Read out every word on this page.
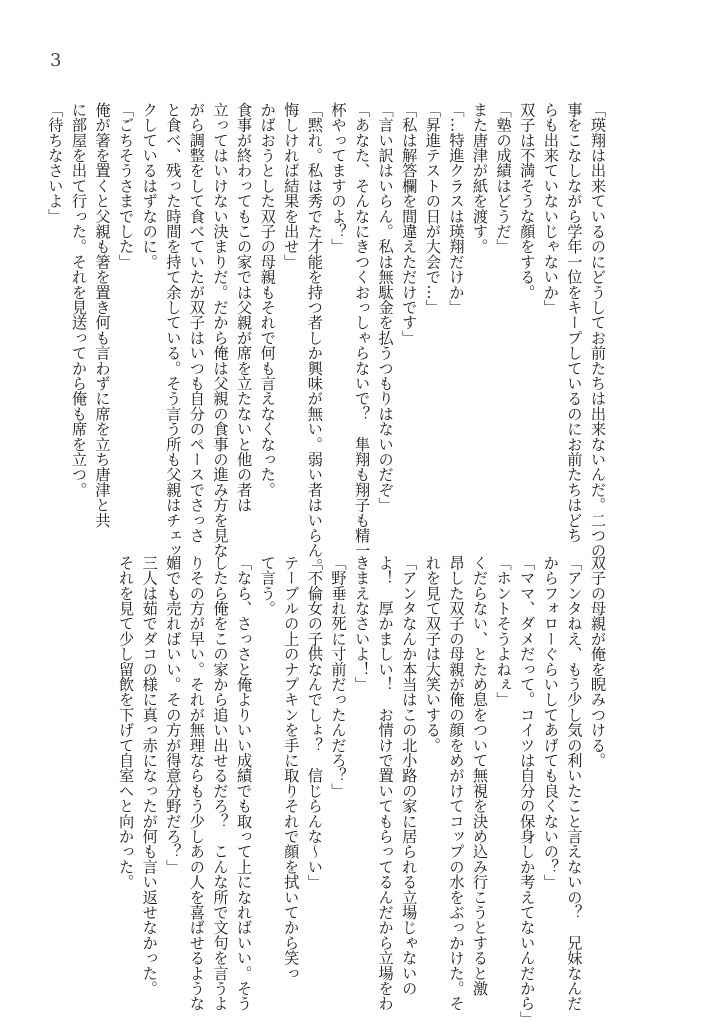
3
「瑛翔は出来ているのにどうしてお前たちは出来ないんだ。二つの
事をこなしながら学年一位をキープしているのにお前たちはどち
らも出来ていないじゃないか」
双子は不満そうな顔をする。
「塾の成績はどうだ」
また唐津が紙を渡す。
「…特進クラスは瑛翔だけか」
「昇進テストの日が大会で…」
「私は解答欄を間違えただけです」
「言い訳はいらん。私は無駄金を払うつもりはないのだぞ」
「あなた、そんなにきつくおっしゃらないで？　隼翔も翔子も精一
杯やってますのよ？」
「黙れ。私は秀でた才能を持つ者しか興味が無い。弱い者はいらん。
悔しければ結果を出せ」
かばおうとした双子の母親もそれで何も言えなくなった。
食事が終わってもこの家では父親が席を立たないと他の者は
立ってはいけない決まりだ。だから俺は父親の食事の進み方を見な
がら調整をして食べていたが双子はいつも自分のペースでさっさ
と食べ、残った時間を持て余している。そう言う所も父親はチェッ
クしているはずなのに。
「ごちそうさまでした」
俺が箸を置くと父親も箸を置き何も言わずに席を立ち唐津と共
に部屋を出て行った。それを見送ってから俺も席を立つ。
「待ちなさいよ」
双子の母親が俺を睨みつける。
「アンタねえ、もう少し気の利いたこと言えないの？　兄妹なんだ
からフォローぐらいしてあげても良くないの？」
「ママ、ダメだって。コイツは自分の保身しか考えてないんだから」
「ホントそうよねぇ」
くだらない、とため息をついて無視を決め込み行こうとすると激
昂した双子の母親が俺の顔をめがけてコップの水をぶっかけた。そ
れを見て双子は大笑いする。
「アンタなんか本当はこの北小路の家に居られる立場じゃないの
よ！　厚かましい！　お情けで置いてもらってるんだから立場をわ
きまえなさいよ！」
「野垂れ死に寸前だったんだろ？」
「不倫女の子供なんでしょ？　信じらんな〜い」
テーブルの上のナプキンを手に取りそれで顔を拭いてから笑っ
て言う。
「なら、さっさと俺よりいい成績でも取って上になればいい。そう
したら俺をこの家から追い出せるだろ？　こんな所で文句を言うよ
りその方が早い。それが無理ならもう少しあの人を喜ばせるような
媚でも売ればいい。その方が得意分野だろ？」
三人は茹でダコの様に真っ赤になったが何も言い返せなかった。
それを見て少し留飲を下げて自室へと向かった。
